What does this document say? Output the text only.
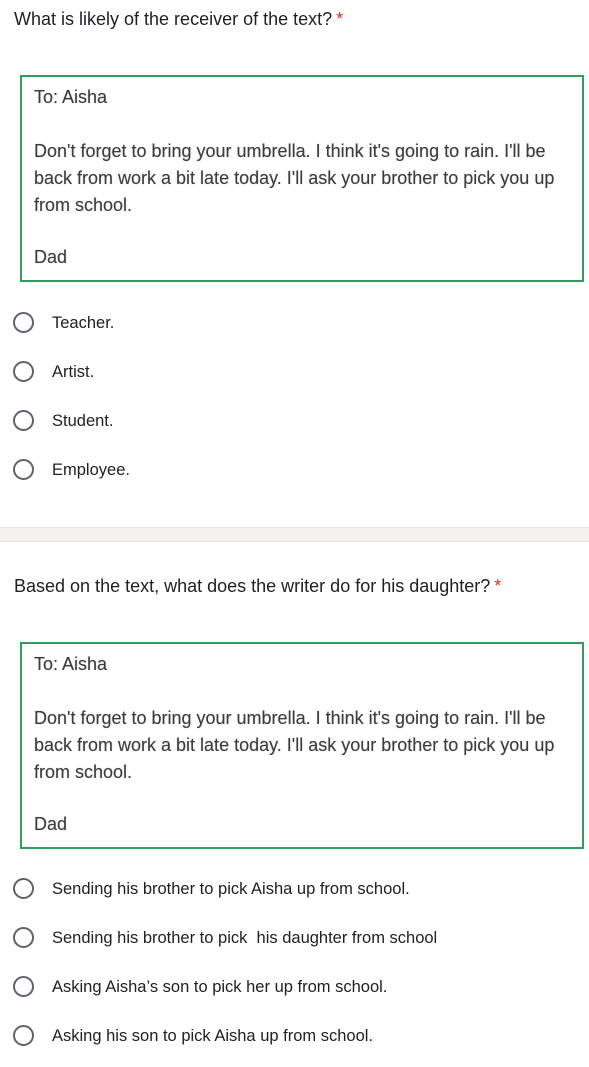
What is likely of the receiver of the text? *
To: Aisha
Don't forget to bring your umbrella. I think it's going to rain. I'll be back from work a bit late today. I'll ask your brother to pick you up from school.
Dad
Teacher.
Artist.
Student.
Employee.
Based on the text, what does the writer do for his daughter? *
To: Aisha
Don't forget to bring your umbrella. I think it's going to rain. I'll be back from work a bit late today. I'll ask your brother to pick you up from school.
Dad
Sending his brother to pick Aisha up from school.
Sending his brother to pick  his daughter from school
Asking Aisha’s son to pick her up from school.
Asking his son to pick Aisha up from school.
